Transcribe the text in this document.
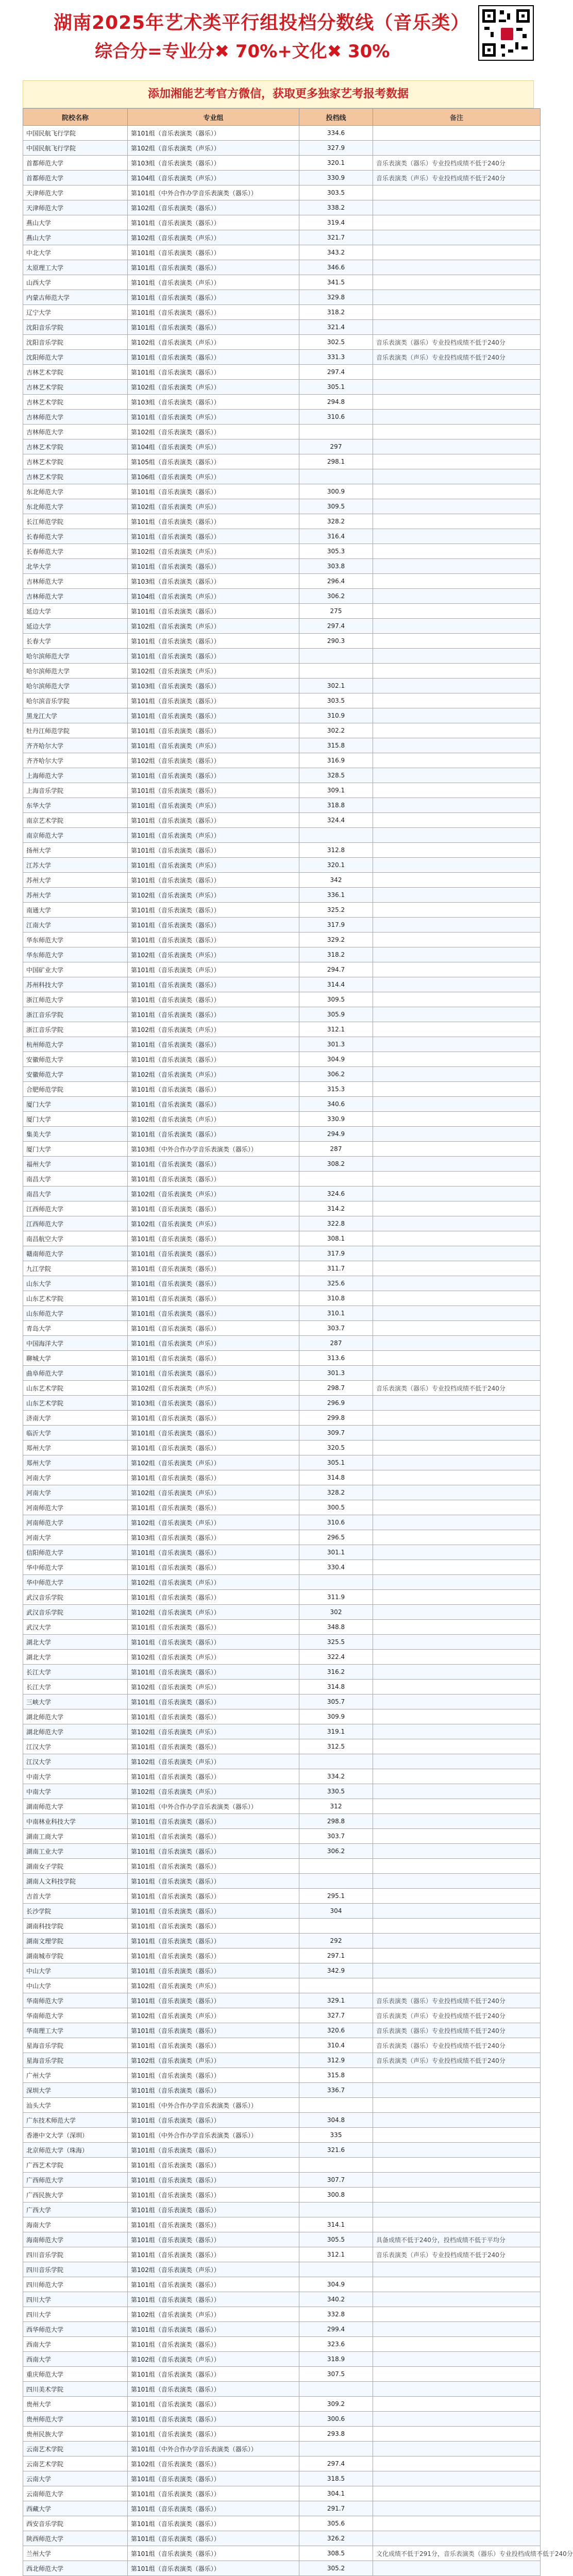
湖南2025年艺术类平行组投档分数线（音乐类）
综合分=专业分✖ 70%+文化✖ 30%
添加湘能艺考官方微信，获取更多独家艺考报考数据
院校名称	专业组	投档线	备注
中国民航飞行学院	第101组（音乐表演类（器乐））	334.6	
中国民航飞行学院	第102组（音乐表演类（声乐））	327.9	
首都师范大学	第103组（音乐表演类（器乐））	320.1	音乐表演类（器乐）专业投档成绩不低于240分
首都师范大学	第104组（音乐表演类（声乐））	330.9	音乐表演类（声乐）专业投档成绩不低于240分
天津师范大学	第101组（中外合作办学音乐表演类（器乐））	303.5	
天津师范大学	第102组（音乐表演类（器乐））	338.2	
燕山大学	第101组（音乐表演类（器乐））	319.4	
燕山大学	第102组（音乐表演类（声乐））	321.7	
中北大学	第101组（音乐表演类（器乐））	343.2	
太原理工大学	第101组（音乐表演类（器乐））	346.6	
山西大学	第101组（音乐表演类（声乐））	341.5	
内蒙古师范大学	第101组（音乐表演类（器乐））	329.8	
辽宁大学	第101组（音乐表演类（器乐））	318.2	
沈阳音乐学院	第101组（音乐表演类（器乐））	321.4	
沈阳音乐学院	第102组（音乐表演类（声乐））	302.5	音乐表演类（器乐）专业投档成绩不低于240分
沈阳师范大学	第101组（音乐表演类（器乐））	331.3	音乐表演类（声乐）专业投档成绩不低于240分
吉林艺术学院	第101组（音乐表演类（器乐））	297.4	
吉林艺术学院	第102组（音乐表演类（声乐））	305.1	
吉林艺术学院	第103组（音乐表演类（器乐））	294.8	
吉林师范大学	第101组（音乐表演类（声乐））	310.6	
吉林师范大学	第102组（音乐表演类（器乐））		
吉林艺术学院	第104组（音乐表演类（声乐））	297	
吉林艺术学院	第105组（音乐表演类（器乐））	298.1	
吉林艺术学院	第106组（音乐表演类（声乐））		
东北师范大学	第101组（音乐表演类（器乐））	300.9	
东北师范大学	第102组（音乐表演类（声乐））	309.5	
长江师范学院	第101组（音乐表演类（器乐））	328.2	
长春师范大学	第101组（音乐表演类（器乐））	316.4	
长春师范大学	第102组（音乐表演类（声乐））	305.3	
北华大学	第101组（音乐表演类（器乐））	303.8	
吉林师范大学	第103组（音乐表演类（器乐））	296.4	
吉林师范大学	第104组（音乐表演类（声乐））	306.2	
延边大学	第101组（音乐表演类（器乐））	275	
延边大学	第102组（音乐表演类（声乐））	297.4	
长春大学	第101组（音乐表演类（器乐））	290.3	
哈尔滨师范大学	第101组（音乐表演类（器乐））		
哈尔滨师范大学	第102组（音乐表演类（声乐））		
哈尔滨师范大学	第103组（音乐表演类（器乐））	302.1	
哈尔滨音乐学院	第101组（音乐表演类（器乐））	303.5	
黑龙江大学	第101组（音乐表演类（器乐））	310.9	
牡丹江师范学院	第101组（音乐表演类（器乐））	302.2	
齐齐哈尔大学	第101组（音乐表演类（声乐））	315.8	
齐齐哈尔大学	第102组（音乐表演类（器乐））	316.9	
上海师范大学	第101组（音乐表演类（器乐））	328.5	
上海音乐学院	第101组（音乐表演类（器乐））	309.1	
东华大学	第101组（音乐表演类（声乐））	318.8	
南京艺术学院	第101组（音乐表演类（器乐））	324.4	
南京师范大学	第101组（音乐表演类（声乐））		
扬州大学	第101组（音乐表演类（器乐））	312.8	
江苏大学	第101组（音乐表演类（声乐））	320.1	
苏州大学	第101组（音乐表演类（器乐））	342	
苏州大学	第102组（音乐表演类（声乐））	336.1	
南通大学	第101组（音乐表演类（器乐））	325.2	
江南大学	第101组（音乐表演类（器乐））	317.9	
华东师范大学	第101组（音乐表演类（器乐））	329.2	
华东师范大学	第102组（音乐表演类（声乐））	318.2	
中国矿业大学	第101组（音乐表演类（声乐））	294.7	
苏州科技大学	第101组（音乐表演类（器乐））	314.4	
浙江师范大学	第101组（音乐表演类（器乐））	309.5	
浙江音乐学院	第101组（音乐表演类（器乐））	305.9	
浙江音乐学院	第102组（音乐表演类（声乐））	312.1	
杭州师范大学	第101组（音乐表演类（器乐））	301.3	
安徽师范大学	第101组（音乐表演类（器乐））	304.9	
安徽师范大学	第102组（音乐表演类（声乐））	306.2	
合肥师范学院	第101组（音乐表演类（器乐））	315.3	
厦门大学	第101组（音乐表演类（器乐））	340.6	
厦门大学	第102组（音乐表演类（声乐））	330.9	
集美大学	第101组（音乐表演类（器乐））	294.9	
厦门大学	第103组（中外合作办学音乐表演类（器乐））	287	
福州大学	第101组（音乐表演类（器乐））	308.2	
南昌大学	第101组（音乐表演类（器乐））		
南昌大学	第102组（音乐表演类（声乐））	324.6	
江西师范大学	第101组（音乐表演类（器乐））	314.2	
江西师范大学	第102组（音乐表演类（声乐））	322.8	
南昌航空大学	第101组（音乐表演类（器乐））	308.1	
赣南师范大学	第101组（音乐表演类（器乐））	317.9	
九江学院	第101组（音乐表演类（器乐））	311.7	
山东大学	第101组（音乐表演类（器乐））	325.6	
山东艺术学院	第101组（音乐表演类（器乐））	310.8	
山东师范大学	第101组（音乐表演类（器乐））	310.1	
青岛大学	第101组（音乐表演类（器乐））	303.7	
中国海洋大学	第101组（音乐表演类（声乐））	287	
聊城大学	第101组（音乐表演类（器乐））	313.6	
曲阜师范大学	第101组（音乐表演类（器乐））	301.3	
山东艺术学院	第102组（音乐表演类（声乐））	298.7	音乐表演类（器乐）专业投档成绩不低于240分
山东艺术学院	第103组（音乐表演类（器乐））	296.9	
济南大学	第101组（音乐表演类（器乐））	299.8	
临沂大学	第101组（音乐表演类（器乐））	309.7	
郑州大学	第101组（音乐表演类（器乐））	320.5	
郑州大学	第102组（音乐表演类（声乐））	305.1	
河南大学	第101组（音乐表演类（器乐））	314.8	
河南大学	第102组（音乐表演类（声乐））	328.2	
河南师范大学	第101组（音乐表演类（器乐））	300.5	
河南师范大学	第102组（音乐表演类（声乐））	310.6	
河南大学	第103组（音乐表演类（器乐））	296.5	
信阳师范大学	第101组（音乐表演类（器乐））	301.1	
华中师范大学	第101组（音乐表演类（器乐））	330.4	
华中师范大学	第102组（音乐表演类（声乐））		
武汉音乐学院	第101组（音乐表演类（器乐））	311.9	
武汉音乐学院	第102组（音乐表演类（声乐））	302	
武汉大学	第101组（音乐表演类（器乐））	348.8	
湖北大学	第101组（音乐表演类（器乐））	325.5	
湖北大学	第102组（音乐表演类（声乐））	322.4	
长江大学	第101组（音乐表演类（器乐））	316.2	
长江大学	第102组（音乐表演类（声乐））	314.8	
三峡大学	第101组（音乐表演类（器乐））	305.7	
湖北师范大学	第101组（音乐表演类（器乐））	309.9	
湖北师范大学	第102组（音乐表演类（声乐））	319.1	
江汉大学	第101组（音乐表演类（器乐））	312.5	
江汉大学	第102组（音乐表演类（声乐））		
中南大学	第101组（音乐表演类（器乐））	334.2	
中南大学	第102组（音乐表演类（声乐））	330.5	
湖南师范大学	第101组（中外合作办学音乐表演类（器乐））	312	
中南林业科技大学	第101组（音乐表演类（器乐））	298.8	
湖南工商大学	第101组（音乐表演类（器乐））	303.7	
湖南工业大学	第101组（音乐表演类（器乐））	306.2	
湖南女子学院	第101组（音乐表演类（器乐））		
湖南人文科技学院	第101组（音乐表演类（器乐））		
吉首大学	第101组（音乐表演类（器乐））	295.1	
长沙学院	第101组（音乐表演类（器乐））	304	
湖南科技学院	第101组（音乐表演类（器乐））		
湖南文理学院	第101组（音乐表演类（器乐））	292	
湖南城市学院	第101组（音乐表演类（器乐））	297.1	
中山大学	第101组（音乐表演类（器乐））	342.9	
中山大学	第102组（音乐表演类（声乐））		
华南师范大学	第101组（音乐表演类（器乐））	329.1	音乐表演类（器乐）专业投档成绩不低于240分
华南师范大学	第102组（音乐表演类（声乐））	327.7	音乐表演类（声乐）专业投档成绩不低于240分
华南理工大学	第101组（音乐表演类（器乐））	320.6	音乐表演类（器乐）专业投档成绩不低于240分
星海音乐学院	第101组（音乐表演类（器乐））	310.4	音乐表演类（器乐）专业投档成绩不低于240分
星海音乐学院	第102组（音乐表演类（声乐））	312.9	音乐表演类（声乐）专业投档成绩不低于240分
广州大学	第101组（音乐表演类（器乐））	315.8	
深圳大学	第101组（音乐表演类（器乐））	336.7	
汕头大学	第101组（中外合作办学音乐表演类（器乐））		
广东技术师范大学	第101组（音乐表演类（器乐））	304.8	
香港中文大学（深圳）	第101组（中外合作办学音乐表演类（器乐））	335	
北京师范大学（珠海）	第101组（音乐表演类（器乐））	321.6	
广西艺术学院	第101组（音乐表演类（器乐））		
广西师范大学	第101组（音乐表演类（器乐））	307.7	
广西民族大学	第101组（音乐表演类（器乐））	300.8	
广西大学	第101组（音乐表演类（器乐））		
海南大学	第101组（音乐表演类（器乐））	314.1	
海南师范大学	第101组（音乐表演类（器乐））	305.5	具备成绩不低于240分，投档成绩不低于平均分
四川音乐学院	第101组（音乐表演类（器乐））	312.1	音乐表演类（声乐）专业投档成绩不低于240分
四川音乐学院	第102组（音乐表演类（声乐））		
四川师范大学	第101组（音乐表演类（器乐））	304.9	
四川大学	第101组（音乐表演类（器乐））	340.2	
四川大学	第102组（音乐表演类（声乐））	332.8	
西华师范大学	第101组（音乐表演类（器乐））	299.4	
西南大学	第101组（音乐表演类（器乐））	323.6	
西南大学	第102组（音乐表演类（声乐））	318.9	
重庆师范大学	第101组（音乐表演类（器乐））	307.5	
四川美术学院	第101组（音乐表演类（器乐））		
贵州大学	第101组（音乐表演类（器乐））	309.2	
贵州师范大学	第101组（音乐表演类（器乐））	300.6	
贵州民族大学	第101组（音乐表演类（器乐））	293.8	
云南艺术学院	第101组（中外合作办学音乐表演类（器乐））		
云南艺术学院	第102组（音乐表演类（器乐））	297.4	
云南大学	第101组（音乐表演类（器乐））	318.5	
云南师范大学	第101组（音乐表演类（器乐））	304.1	
西藏大学	第101组（音乐表演类（器乐））	291.7	
西安音乐学院	第101组（音乐表演类（器乐））	305.6	
陕西师范大学	第101组（音乐表演类（器乐））	326.2	
兰州大学	第101组（音乐表演类（器乐））	308.5	文化成绩不低于291分，音乐表演类（器乐）专业投档成绩不低于240分
西北师范大学	第101组（音乐表演类（器乐））	305.2	
